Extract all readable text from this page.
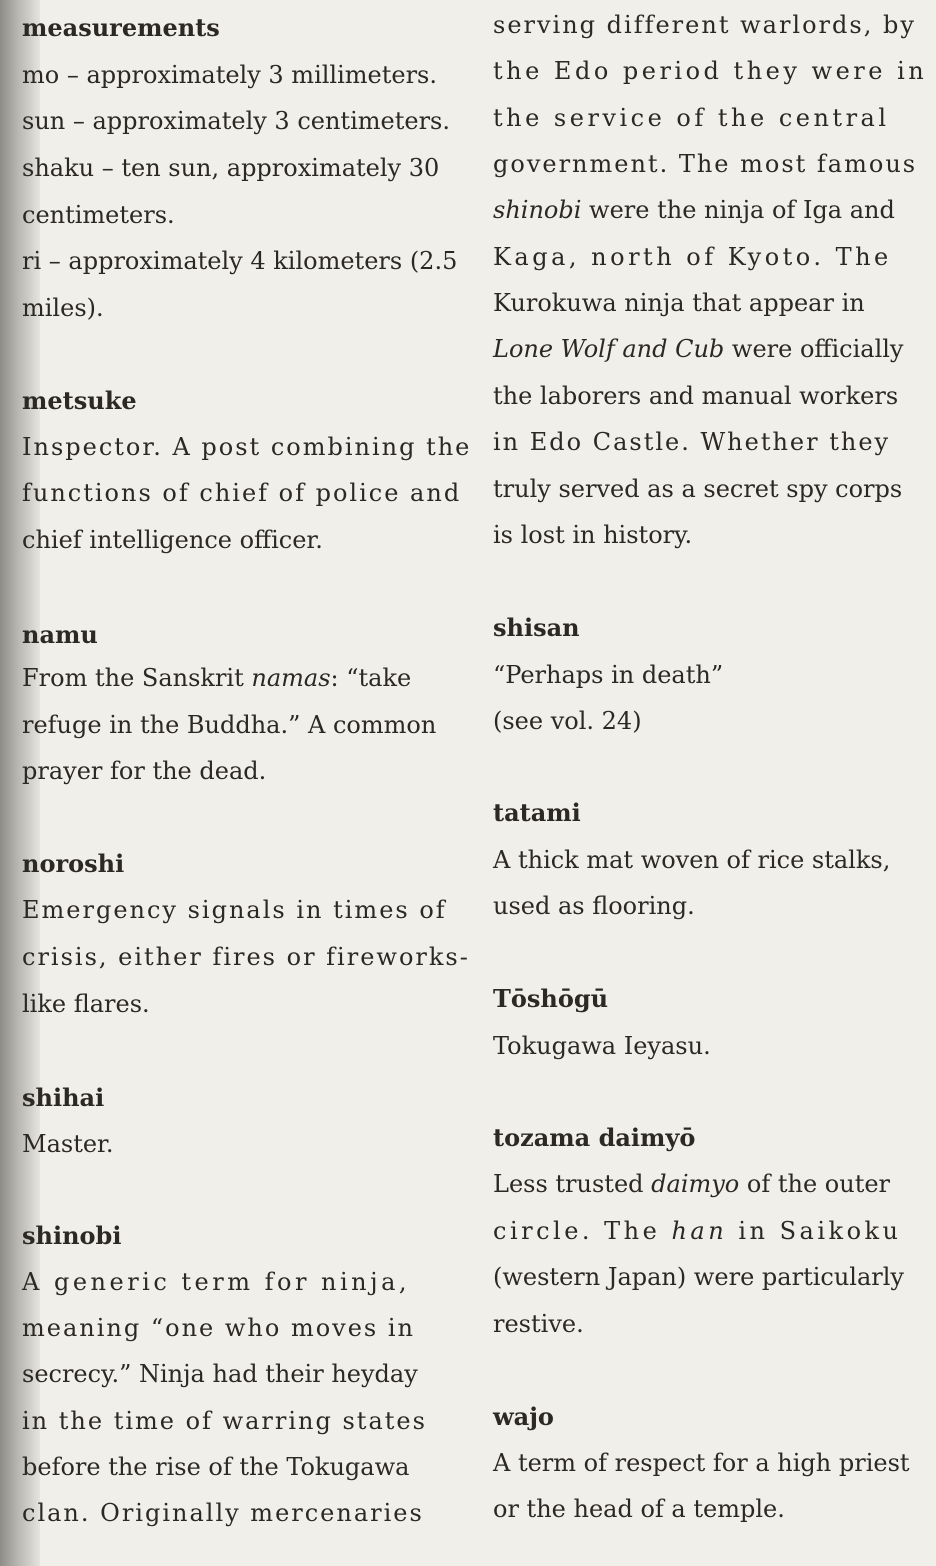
measurements
mo – approximately 3 millimeters.
sun – approximately 3 centimeters.
shaku – ten sun, approximately 30
centimeters.
ri – approximately 4 kilometers (2.5
miles).
metsuke
Inspector. A post combining the
functions of chief of police and
chief intelligence officer.
namu
From the Sanskrit namas: “take
refuge in the Buddha.” A common
prayer for the dead.
noroshi
Emergency signals in times of
crisis, either fires or fireworks-
like flares.
shihai
Master.
shinobi
A generic term for ninja,
meaning “one who moves in
secrecy.” Ninja had their heyday
in the time of warring states
before the rise of the Tokugawa
clan. Originally mercenaries
serving different warlords, by
the Edo period they were in
the service of the central
government. The most famous
shinobi were the ninja of Iga and
Kaga, north of Kyoto. The
Kurokuwa ninja that appear in
Lone Wolf and Cub were officially
the laborers and manual workers
in Edo Castle. Whether they
truly served as a secret spy corps
is lost in history.
shisan
“Perhaps in death”
(see vol. 24)
tatami
A thick mat woven of rice stalks,
used as flooring.
Tōshōgū
Tokugawa Ieyasu.
tozama daimyō
Less trusted daimyo of the outer
circle. The han in Saikoku
(western Japan) were particularly
restive.
wajo
A term of respect for a high priest
or the head of a temple.
